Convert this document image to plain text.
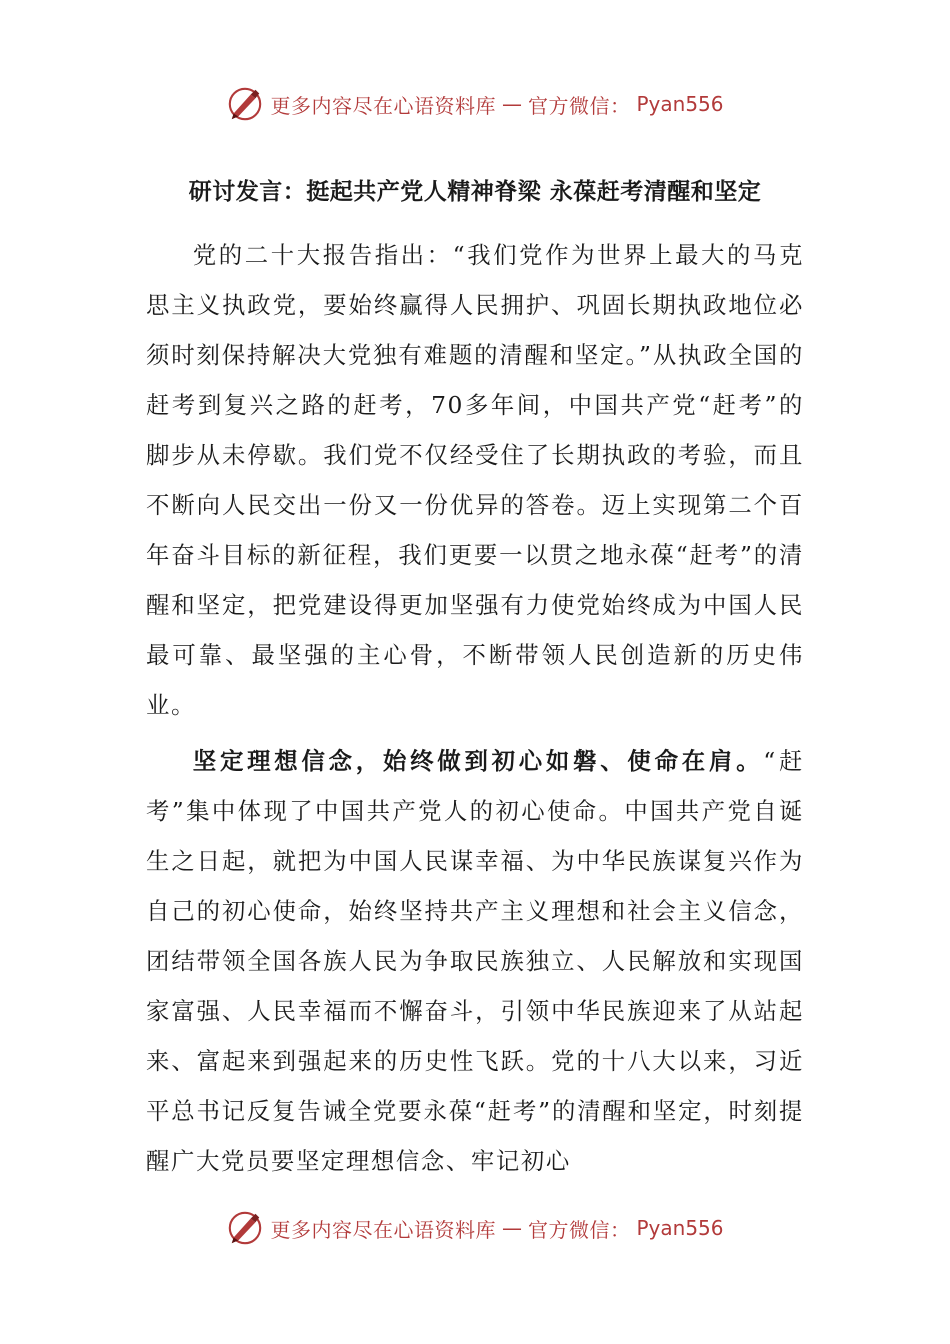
更多内容尽在心语资料库 — 官方微信： Pyan556
研讨发言：挺起共产党人精神脊梁 永葆赶考清醒和坚定

党的二十大报告指出：“我们党作为世界上最大的马克思主义执政党，要始终赢得人民拥护、巩固长期执政地位必须时刻保持解决大党独有难题的清醒和坚定。”从执政全国的赶考到复兴之路的赶考，70多年间，中国共产党“赶考”的脚步从未停歇。我们党不仅经受住了长期执政的考验，而且不断向人民交出一份又一份优异的答卷。迈上实现第二个百年奋斗目标的新征程，我们更要一以贯之地永葆“赶考”的清醒和坚定，把党建设得更加坚强有力使党始终成为中国人民最可靠、最坚强的主心骨，不断带领人民创造新的历史伟业。

坚定理想信念，始终做到初心如磐、使命在肩。“赶考”集中体现了中国共产党人的初心使命。中国共产党自诞生之日起，就把为中国人民谋幸福、为中华民族谋复兴作为自己的初心使命，始终坚持共产主义理想和社会主义信念，团结带领全国各族人民为争取民族独立、人民解放和实现国家富强、人民幸福而不懈奋斗，引领中华民族迎来了从站起来、富起来到强起来的历史性飞跃。党的十八大以来，习近平总书记反复告诫全党要永葆“赶考”的清醒和坚定，时刻提醒广大党员要坚定理想信念、牢记初心

更多内容尽在心语资料库 — 官方微信： Pyan556
